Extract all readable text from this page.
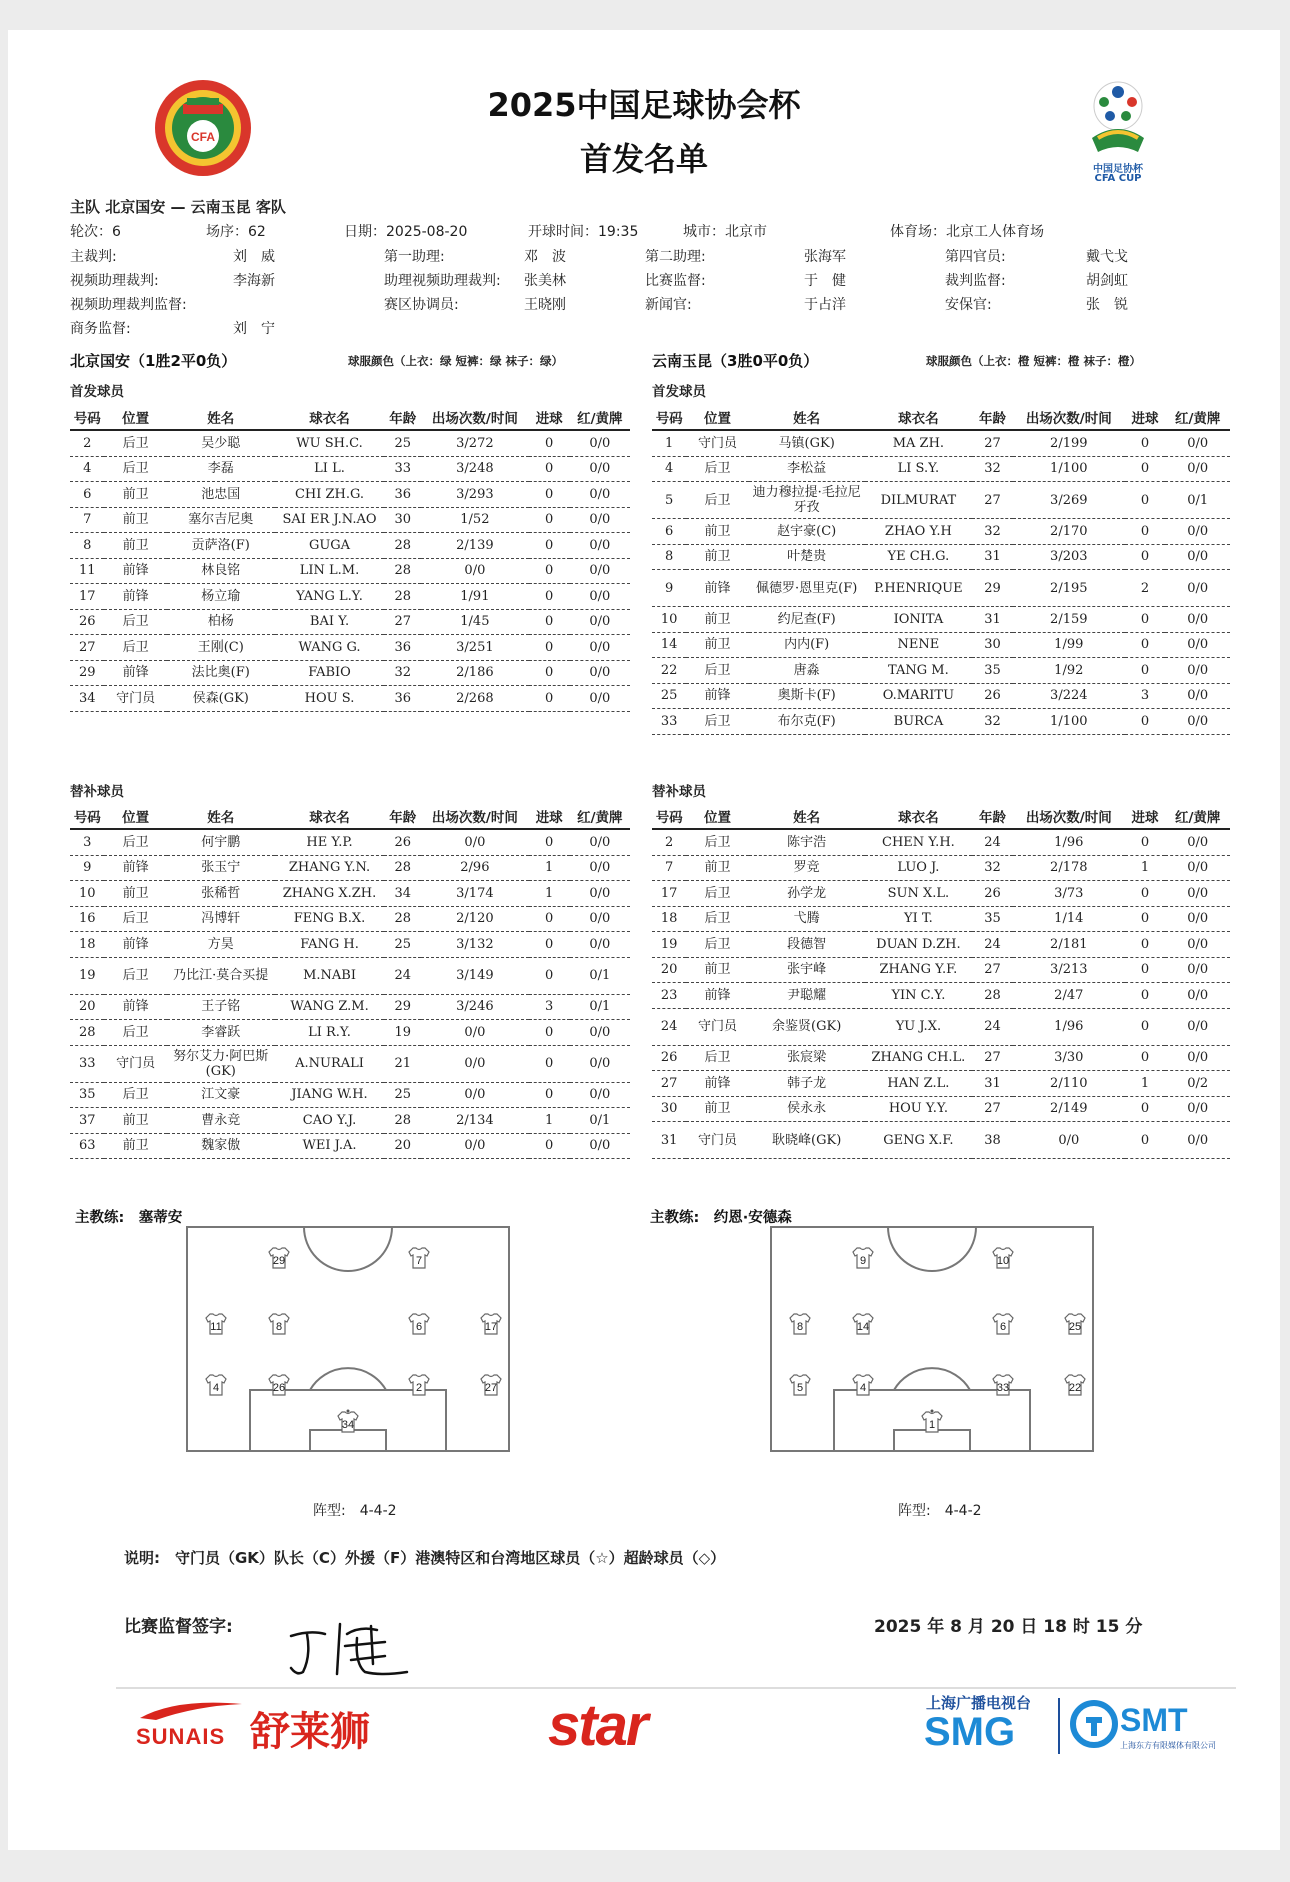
CFA
2025中国足球协会杯
首发名单	中国足协杯
CFA CUP
主队 北京国安 — 云南玉昆 客队
轮次：6	场序：62	日期：2025-08-20	开球时间：19:35	城市：北京市	体育场：北京工人体育场
主裁判:	刘　威	第一助理:	邓　波	第二助理:	张海军	第四官员:	戴弋戈
视频助理裁判:	李海新	助理视频助理裁判: 张美林	比赛监督:	于　健	裁判监督:	胡剑虹
视频助理裁判监督:	赛区协调员:	王晓刚	新闻官:	于占洋	安保官:	张　锐
商务监督:	刘　宁
北京国安（1胜2平0负）	球服颜色（上衣：绿 短裤：绿 袜子：绿）	云南玉昆（3胜0平0负）	球服颜色（上衣：橙 短裤：橙 袜子：橙）
首发球员	首发球员
号码	位置	姓名	球衣名	年龄	出场次数/时间	进球	红/黄牌
2	后卫	吴少聪	WU SH.C.	25	3/272	0	0/0
4	后卫	李磊	LI L.	33	3/248	0	0/0
6	前卫	池忠国	CHI ZH.G.	36	3/293	0	0/0
7	前卫	塞尔吉尼奥	SAI ER J.N.AO	30	1/52	0	0/0
8	前卫	贡萨洛(F)	GUGA	28	2/139	0	0/0
11	前锋	林良铭	LIN L.M.	28	0/0	0	0/0
17	前锋	杨立瑜	YANG L.Y.	28	1/91	0	0/0
26	后卫	柏杨	BAI Y.	27	1/45	0	0/0
27	后卫	王刚(C)	WANG G.	36	3/251	0	0/0
29	前锋	法比奥(F)	FABIO	32	2/186	0	0/0
34	守门员	侯森(GK)	HOU S.	36	2/268	0	0/0
号码	位置	姓名	球衣名	年龄	出场次数/时间	进球	红/黄牌
1	守门员	马镇(GK)	MA ZH.	27	2/199	0	0/0
4	后卫	李松益	LI S.Y.	32	1/100	0	0/0
5	后卫	迪力穆拉提·毛拉尼牙孜	DILMURAT	27	3/269	0	0/1
6	前卫	赵宇豪(C)	ZHAO Y.H	32	2/170	0	0/0
8	前卫	叶楚贵	YE CH.G.	31	3/203	0	0/0
9	前锋	佩德罗·恩里克(F)	P.HENRIQUE	29	2/195	2	0/0
10	前卫	约尼查(F)	IONITA	31	2/159	0	0/0
14	前卫	内内(F)	NENE	30	1/99	0	0/0
22	后卫	唐淼	TANG M.	35	1/92	0	0/0
25	前锋	奥斯卡(F)	O.MARITU	26	3/224	3	0/0
33	后卫	布尔克(F)	BURCA	32	1/100	0	0/0
替补球员	替补球员
号码	位置	姓名	球衣名	年龄	出场次数/时间	进球	红/黄牌
3	后卫	何宇鹏	HE Y.P.	26	0/0	0	0/0
9	前锋	张玉宁	ZHANG Y.N.	28	2/96	1	0/0
10	前卫	张稀哲	ZHANG X.ZH.	34	3/174	1	0/0
16	后卫	冯博轩	FENG B.X.	28	2/120	0	0/0
18	前锋	方昊	FANG H.	25	3/132	0	0/0
19	后卫	乃比江·莫合买提	M.NABI	24	3/149	0	0/1
20	前锋	王子铭	WANG Z.M.	29	3/246	3	0/1
28	后卫	李睿跃	LI R.Y.	19	0/0	0	0/0
33	守门员	努尔艾力·阿巴斯(GK)	A.NURALI	21	0/0	0	0/0
35	后卫	江文豪	JIANG W.H.	25	0/0	0	0/0
37	前卫	曹永竞	CAO Y.J.	28	2/134	1	0/1
63	前卫	魏家傲	WEI J.A.	20	0/0	0	0/0
号码	位置	姓名	球衣名	年龄	出场次数/时间	进球	红/黄牌
2	后卫	陈宇浩	CHEN Y.H.	24	1/96	0	0/0
7	前卫	罗竞	LUO J.	32	2/178	1	0/0
17	后卫	孙学龙	SUN X.L.	26	3/73	0	0/0
18	后卫	弋腾	YI T.	35	1/14	0	0/0
19	后卫	段德智	DUAN D.ZH.	24	2/181	0	0/0
20	前卫	张宇峰	ZHANG Y.F.	27	3/213	0	0/0
23	前锋	尹聪耀	YIN C.Y.	28	2/47	0	0/0
24	守门员	余鉴贤(GK)	YU J.X.	24	1/96	0	0/0
26	后卫	张宸梁	ZHANG CH.L.	27	3/30	0	0/0
27	前锋	韩子龙	HAN Z.L.	31	2/110	1	0/2
30	前卫	侯永永	HOU Y.Y.	27	2/149	0	0/0
31	守门员	耿晓峰(GK)	GENG X.F.	38	0/0	0	0/0
主教练:　塞蒂安	主教练:　约恩·安德森
29	7
11	8	6	17
4	26	2	27
34
9	10
8	14	6	25
5	4	33	22
1
阵型:　4-4-2	阵型:　4-4-2
说明:　守门员（GK）队长（C）外援（F）港澳特区和台湾地区球员（☆）超龄球员（◇）
比赛监督签字:	2025 年 8 月 20 日 18 时 15 分
SUNAIS 舒莱狮	star	上海广播电视台
SMG	SMT
上海东方有限媒体有限公司
